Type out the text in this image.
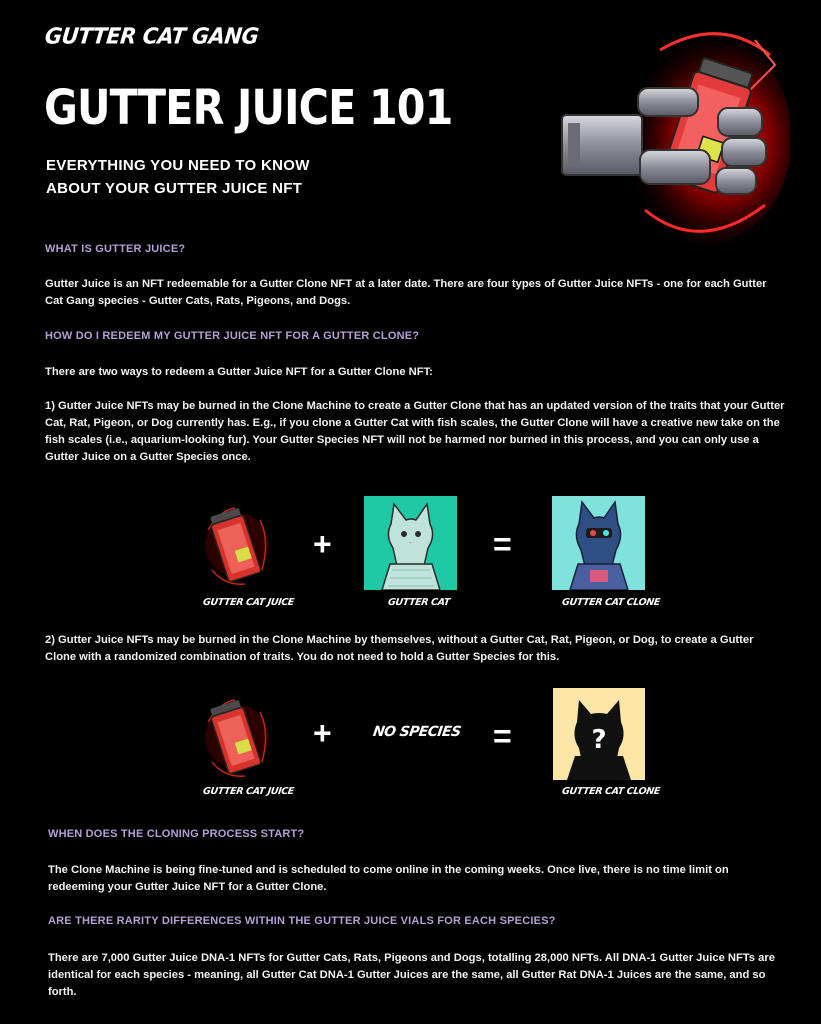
GUTTER CAT GANG
GUTTER JUICE 101
EVERYTHING YOU NEED TO KNOW ABOUT YOUR GUTTER JUICE NFT
WHAT IS GUTTER JUICE?
Gutter Juice is an NFT redeemable for a Gutter Clone NFT at a later date. There are four types of Gutter Juice NFTs - one for each Gutter Cat Gang species - Gutter Cats, Rats, Pigeons, and Dogs.
HOW DO I REDEEM MY GUTTER JUICE NFT FOR A GUTTER CLONE?
There are two ways to redeem a Gutter Juice NFT for a Gutter Clone NFT:
1) Gutter Juice NFTs may be burned in the Clone Machine to create a Gutter Clone that has an updated version of the traits that your Gutter Cat, Rat, Pigeon, or Dog currently has. E.g., if you clone a Gutter Cat with fish scales, the Gutter Clone will have a creative new take on the fish scales (i.e., aquarium-looking fur). Your Gutter Species NFT will not be harmed nor burned in this process, and you can only use a Gutter Juice on a Gutter Species once.
+	=
GUTTER CAT JUICE	GUTTER CAT	GUTTER CAT CLONE
2) Gutter Juice NFTs may be burned in the Clone Machine by themselves, without a Gutter Cat, Rat, Pigeon, or Dog, to create a Gutter Clone with a randomized combination of traits. You do not need to hold a Gutter Species for this.
+	NO SPECIES =	?
GUTTER CAT JUICE	GUTTER CAT CLONE
WHEN DOES THE CLONING PROCESS START?
The Clone Machine is being fine-tuned and is scheduled to come online in the coming weeks. Once live, there is no time limit on redeeming your Gutter Juice NFT for a Gutter Clone.
ARE THERE RARITY DIFFERENCES WITHIN THE GUTTER JUICE VIALS FOR EACH SPECIES?
There are 7,000 Gutter Juice DNA-1 NFTs for Gutter Cats, Rats, Pigeons and Dogs, totalling 28,000 NFTs. All DNA-1 Gutter Juice NFTs are identical for each species - meaning, all Gutter Cat DNA-1 Gutter Juices are the same, all Gutter Rat DNA-1 Juices are the same, and so forth.
